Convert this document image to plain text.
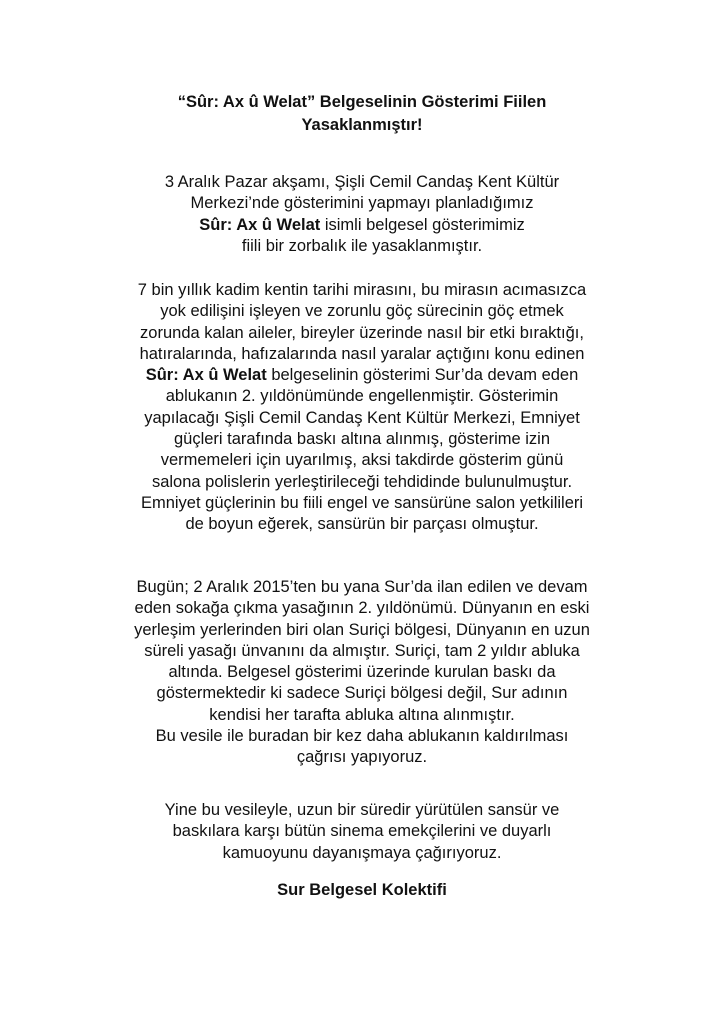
“Sûr: Ax û Welat” Belgeselinin Gösterimi Fiilen
Yasaklanmıştır!

3 Aralık Pazar akşamı, Şişli Cemil Candaş Kent Kültür
Merkezi’nde gösterimini yapmayı planladığımız
Sûr: Ax û Welat isimli belgesel gösterimimiz
fiili bir zorbalık ile yasaklanmıştır.

7 bin yıllık kadim kentin tarihi mirasını, bu mirasın acımasızca
yok edilişini işleyen ve zorunlu göç sürecinin göç etmek
zorunda kalan aileler, bireyler üzerinde nasıl bir etki bıraktığı,
hatıralarında, hafızalarında nasıl yaralar açtığını konu edinen
Sûr: Ax û Welat belgeselinin gösterimi Sur’da devam eden
ablukanın 2. yıldönümünde engellenmiştir. Gösterimin
yapılacağı Şişli Cemil Candaş Kent Kültür Merkezi, Emniyet
güçleri tarafında baskı altına alınmış, gösterime izin
vermemeleri için uyarılmış, aksi takdirde gösterim günü
salona polislerin yerleştirileceği tehdidinde bulunulmuştur.
Emniyet güçlerinin bu fiili engel ve sansürüne salon yetkilileri
de boyun eğerek, sansürün bir parçası olmuştur.

Bugün; 2 Aralık 2015’ten bu yana Sur’da ilan edilen ve devam
eden sokağa çıkma yasağının 2. yıldönümü. Dünyanın en eski
yerleşim yerlerinden biri olan Suriçi bölgesi, Dünyanın en uzun
süreli yasağı ünvanını da almıştır. Suriçi, tam 2 yıldır abluka
altında. Belgesel gösterimi üzerinde kurulan baskı da
göstermektedir ki sadece Suriçi bölgesi değil, Sur adının
kendisi her tarafta abluka altına alınmıştır.
Bu vesile ile buradan bir kez daha ablukanın kaldırılması
çağrısı yapıyoruz.

Yine bu vesileyle, uzun bir süredir yürütülen sansür ve
baskılara karşı bütün sinema emekçilerini ve duyarlı
kamuoyunu dayanışmaya çağırıyoruz.

Sur Belgesel Kolektifi
